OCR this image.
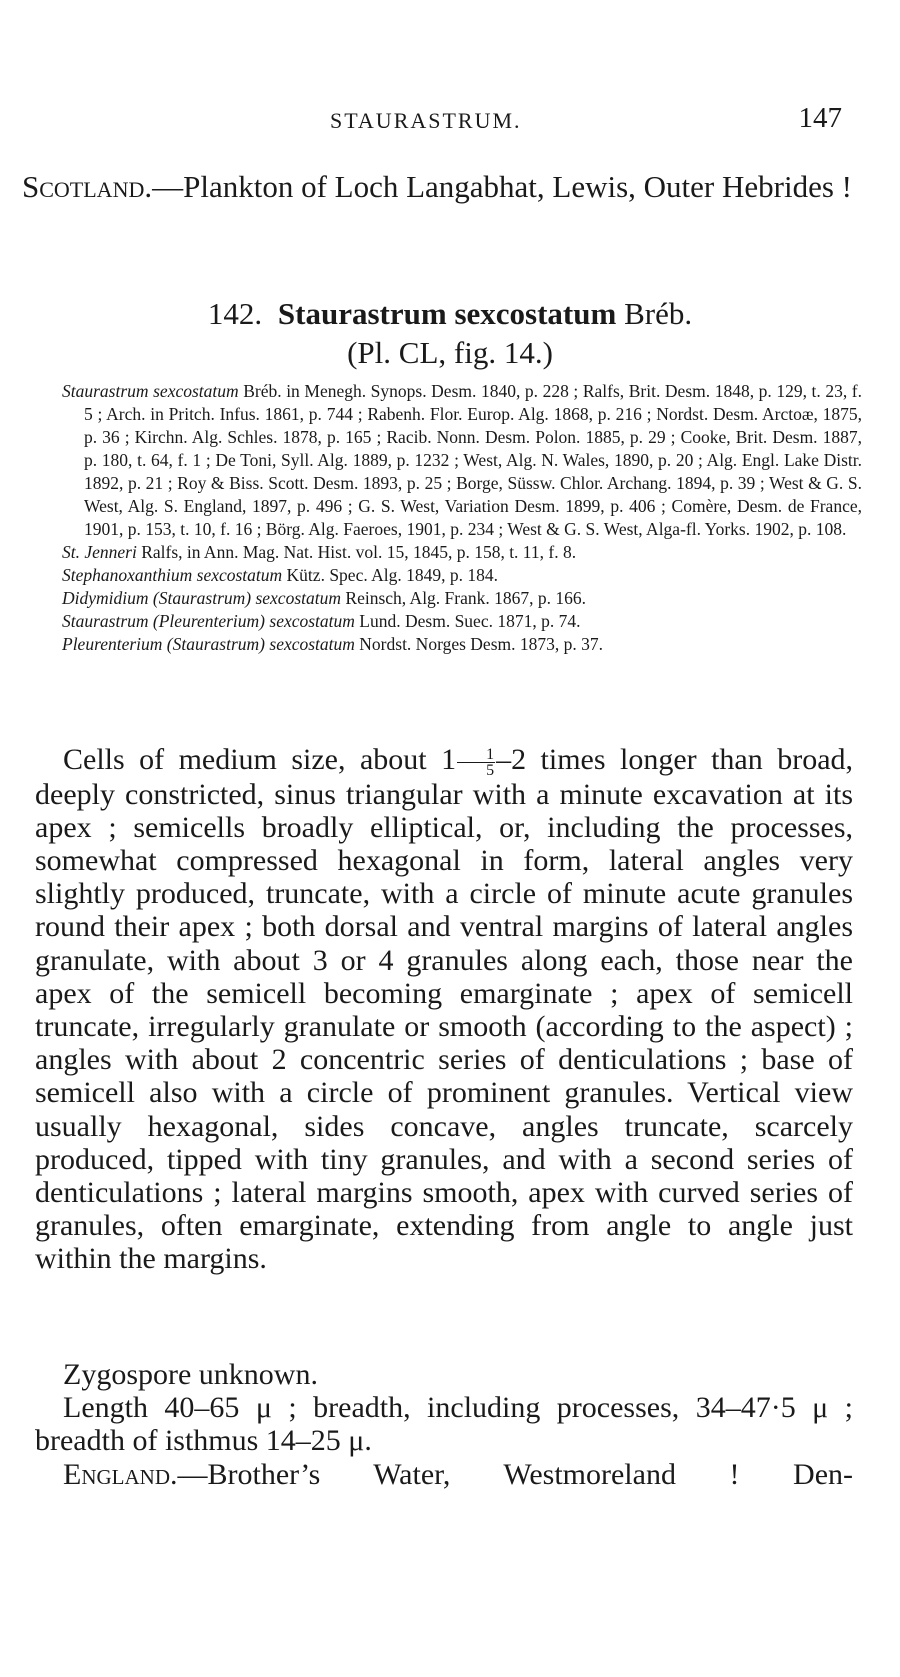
STAURASTRUM.	147
Scotland.—Plankton of Loch Langabhat, Lewis, Outer Hebrides !
142. Staurastrum sexcostatum Bréb.
(Pl. CL, fig. 14.)

Staurastrum sexcostatum Bréb. in Menegh. Synops. Desm. 1840, p. 228 ; Ralfs, Brit. Desm. 1848, p. 129, t. 23, f. 5 ; Arch. in Pritch. Infus. 1861, p. 744 ; Rabenh. Flor. Europ. Alg. 1868, p. 216 ; Nordst. Desm. Arctoæ, 1875, p. 36 ; Kirchn. Alg. Schles. 1878, p. 165 ; Racib. Nonn. Desm. Polon. 1885, p. 29 ; Cooke, Brit. Desm. 1887, p. 180, t. 64, f. 1 ; De Toni, Syll. Alg. 1889, p. 1232 ; West, Alg. N. Wales, 1890, p. 20 ; Alg. Engl. Lake Distr. 1892, p. 21 ; Roy & Biss. Scott. Desm. 1893, p. 25 ; Borge, Süssw. Chlor. Archang. 1894, p. 39 ; West & G. S. West, Alg. S. England, 1897, p. 496 ; G. S. West, Variation Desm. 1899, p. 406 ; Comère, Desm. de France, 1901, p. 153, t. 10, f. 16 ; Börg. Alg. Faeroes, 1901, p. 234 ; West & G. S. West, Alga-fl. Yorks. 1902, p. 108.

St. Jenneri Ralfs, in Ann. Mag. Nat. Hist. vol. 15, 1845, p. 158, t. 11, f. 8.

Stephanoxanthium sexcostatum Kütz. Spec. Alg. 1849, p. 184.

Didymidium (Staurastrum) sexcostatum Reinsch, Alg. Frank. 1867, p. 166.

Staurastrum (Pleurenterium) sexcostatum Lund. Desm. Suec. 1871, p. 74.

Pleurenterium (Staurastrum) sexcostatum Nordst. Norges Desm. 1873, p. 37.

Cells of medium size, about $1 \frac{1}{5} -2$ times longer than broad, deeply constricted, sinus triangular with a minute excavation at its apex ; semicells broadly elliptical, or, including the processes, somewhat compressed hexagonal in form, lateral angles very slightly produced, truncate, with a circle of minute acute granules round their apex ; both dorsal and ventral margins of lateral angles granulate, with about 3 or 4 granules along each, those near the apex of the semicell becoming emarginate ; apex of semicell truncate, irregularly granulate or smooth (according to the aspect) ; angles with about 2 concentric series of denticulations ; base of semicell also with a circle of prominent granules. Vertical view usually hexagonal, sides concave, angles truncate, scarcely produced, tipped with tiny granules, and with a second series of denticulations ; lateral margins smooth, apex with curved series of granules, often emarginate, extending from angle to angle just within the margins.

Zygospore unknown.
Length 40–65 μ ; breadth, including processes, 34–47·5 μ ; breadth of isthmus 14–25 μ.
England.—Brother’s Water, Westmoreland ! Den-
